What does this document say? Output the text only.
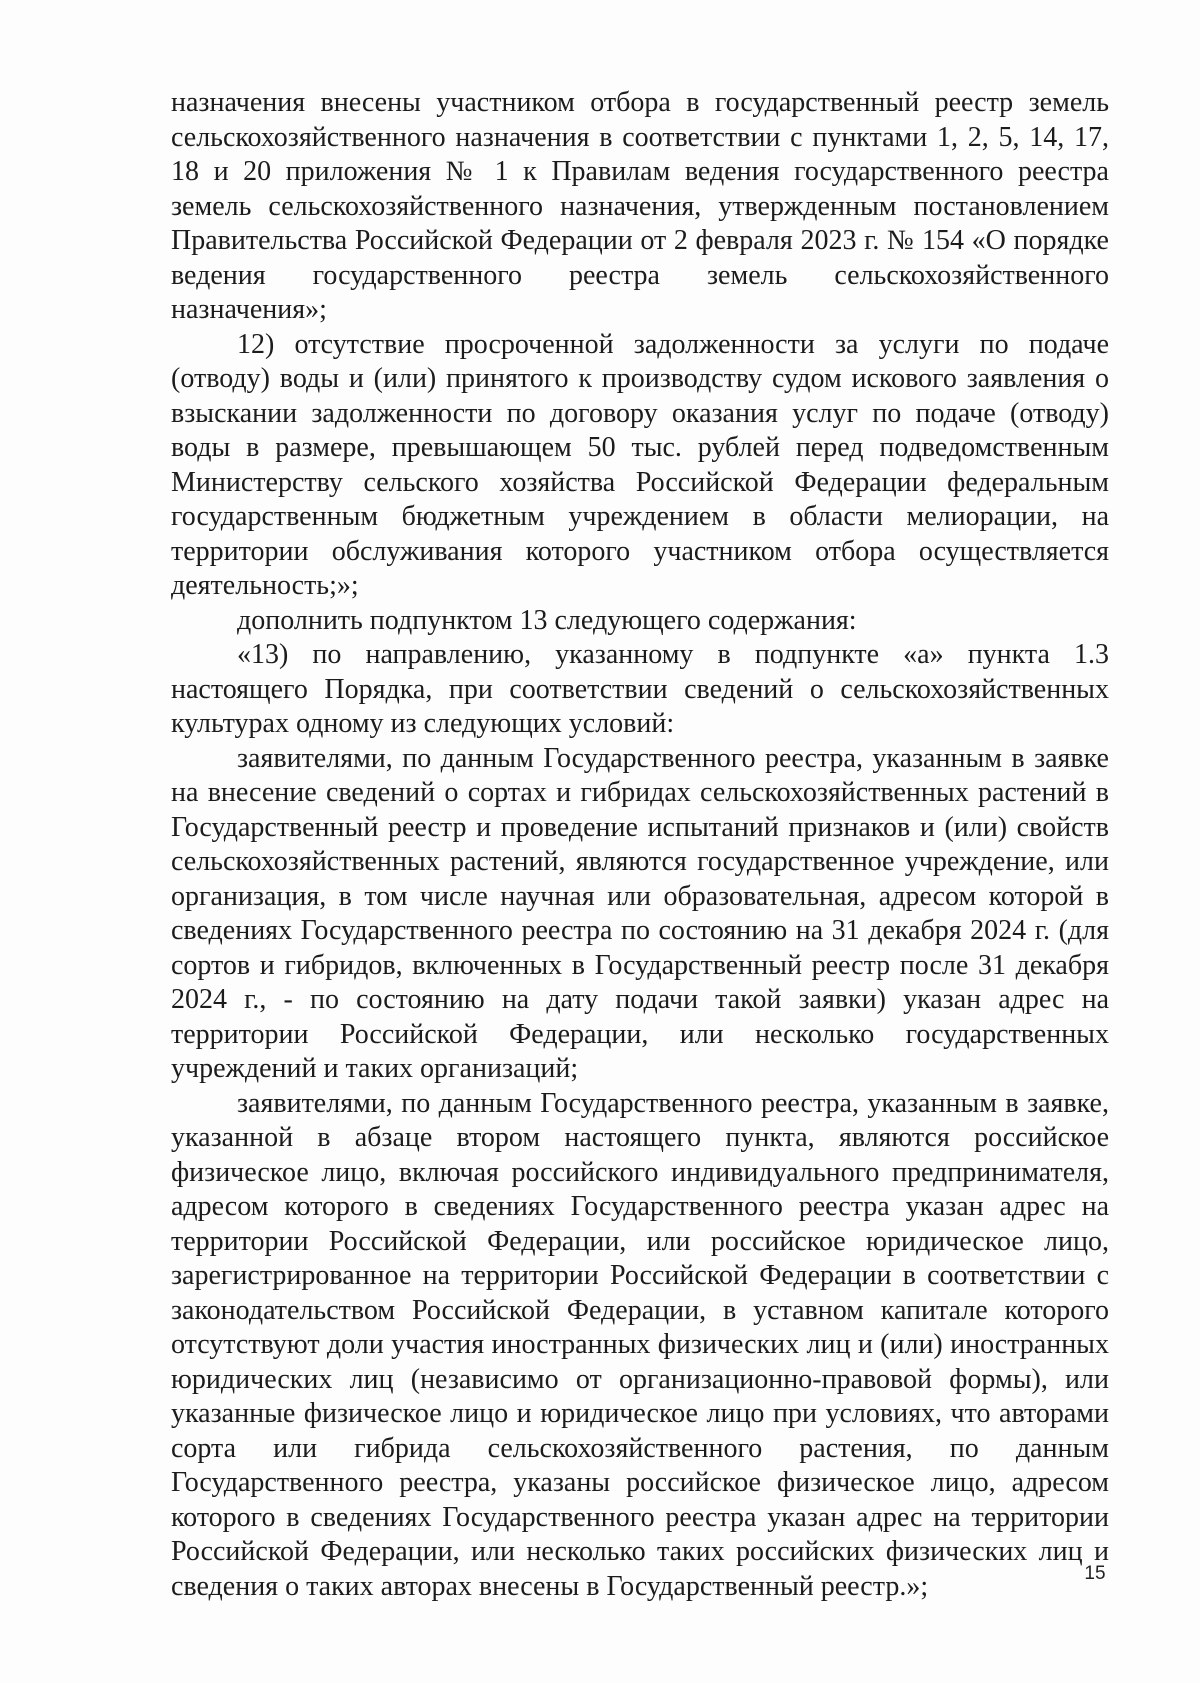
назначения внесены участником отбора в государственный реестр земель сельскохозяйственного назначения в соответствии с пунктами 1, 2, 5, 14, 17, 18 и 20 приложения № 1 к Правилам ведения государственного реестра земель сельскохозяйственного назначения, утвержденным постановлением Правительства Российской Федерации от 2 февраля 2023 г. № 154 «О порядке ведения государственного реестра земель сельскохозяйственного назначения»;

12) отсутствие просроченной задолженности за услуги по подаче (отводу) воды и (или) принятого к производству судом искового заявления о взыскании задолженности по договору оказания услуг по подаче (отводу) воды в размере, превышающем 50 тыс. рублей перед подведомственным Министерству сельского хозяйства Российской Федерации федеральным государственным бюджетным учреждением в области мелиорации, на территории обслуживания которого участником отбора осуществляется деятельность;»;

дополнить подпунктом 13 следующего содержания:

«13) по направлению, указанному в подпункте «а» пункта 1.3 настоящего Порядка, при соответствии сведений о сельскохозяйственных культурах одному из следующих условий:

заявителями, по данным Государственного реестра, указанным в заявке на внесение сведений о сортах и гибридах сельскохозяйственных растений в Государственный реестр и проведение испытаний признаков и (или) свойств сельскохозяйственных растений, являются государственное учреждение, или организация, в том числе научная или образовательная, адресом которой в сведениях Государственного реестра по состоянию на 31 декабря 2024 г. (для сортов и гибридов, включенных в Государственный реестр после 31 декабря 2024 г., - по состоянию на дату подачи такой заявки) указан адрес на территории Российской Федерации, или несколько государственных учреждений и таких организаций;

заявителями, по данным Государственного реестра, указанным в заявке, указанной в абзаце втором настоящего пункта, являются российское физическое лицо, включая российского индивидуального предпринимателя, адресом которого в сведениях Государственного реестра указан адрес на территории Российской Федерации, или российское юридическое лицо, зарегистрированное на территории Российской Федерации в соответствии с законодательством Российской Федерации, в уставном капитале которого отсутствуют доли участия иностранных физических лиц и (или) иностранных юридических лиц (независимо от организационно-правовой формы), или указанные физическое лицо и юридическое лицо при условиях, что авторами сорта или гибрида сельскохозяйственного растения, по данным Государственного реестра, указаны российское физическое лицо, адресом которого в сведениях Государственного реестра указан адрес на территории Российской Федерации, или несколько таких российских физических лиц и сведения о таких авторах внесены в Государственный реестр.»;	15
